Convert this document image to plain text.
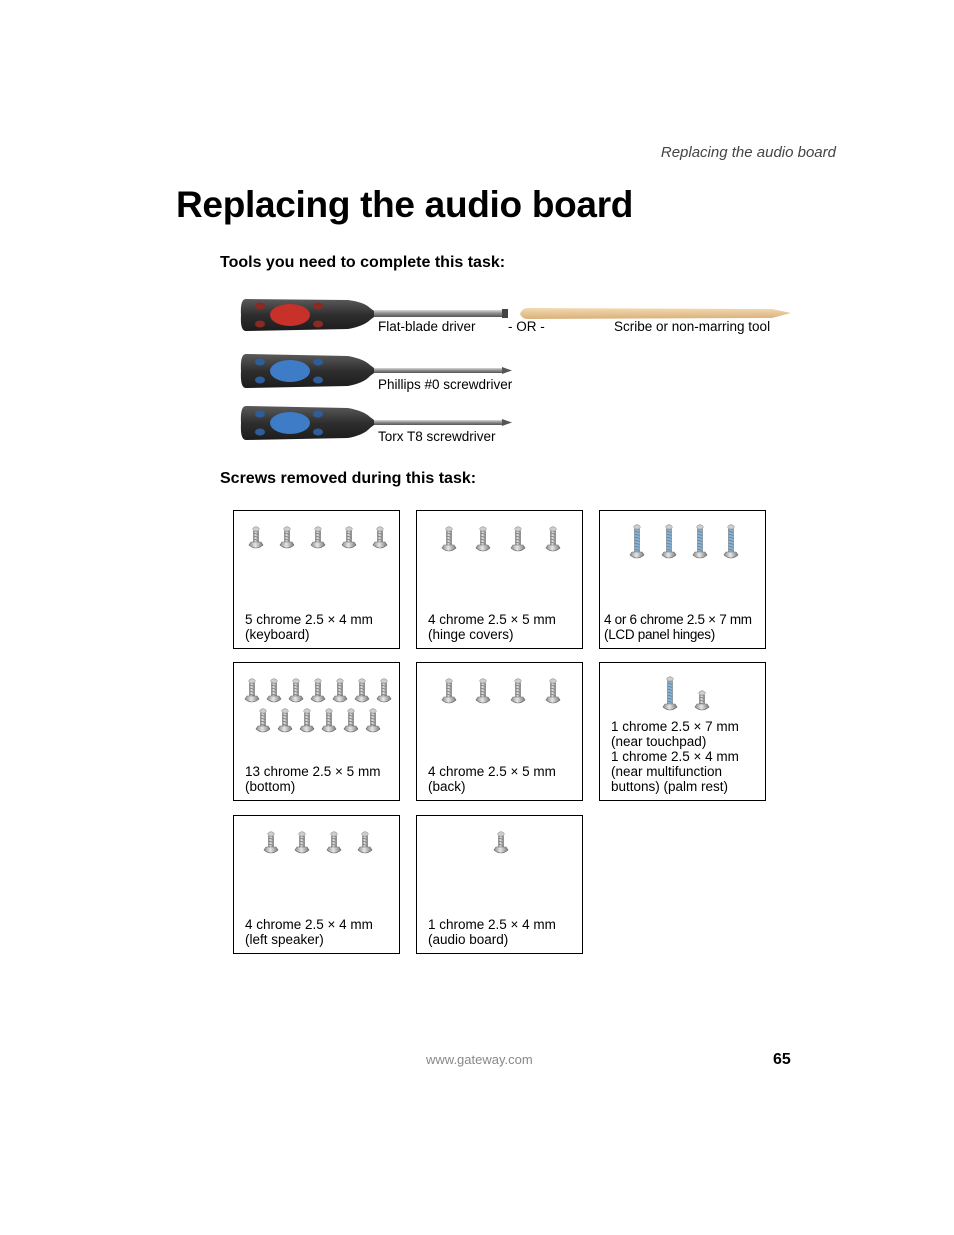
Replacing the audio board
Replacing the audio board
Tools you need to complete this task:
Flat-blade driver - OR -	Scribe or non-marring tool
Phillips #0 screwdriver
Torx T8 screwdriver
Screws removed during this task:
5 chrome 2.5 × 4 mm
(keyboard)
4 chrome 2.5 × 5 mm
(hinge covers)
4 or 6 chrome 2.5 × 7 mm
(LCD panel hinges)
13 chrome 2.5 × 5 mm
(bottom)
4 chrome 2.5 × 5 mm
(back)
1 chrome 2.5 × 7 mm
(near touchpad)
1 chrome 2.5 × 4 mm
(near multifunction
buttons) (palm rest)
4 chrome 2.5 × 4 mm
(left speaker)
1 chrome 2.5 × 4 mm
(audio board)
www.gateway.com	65
